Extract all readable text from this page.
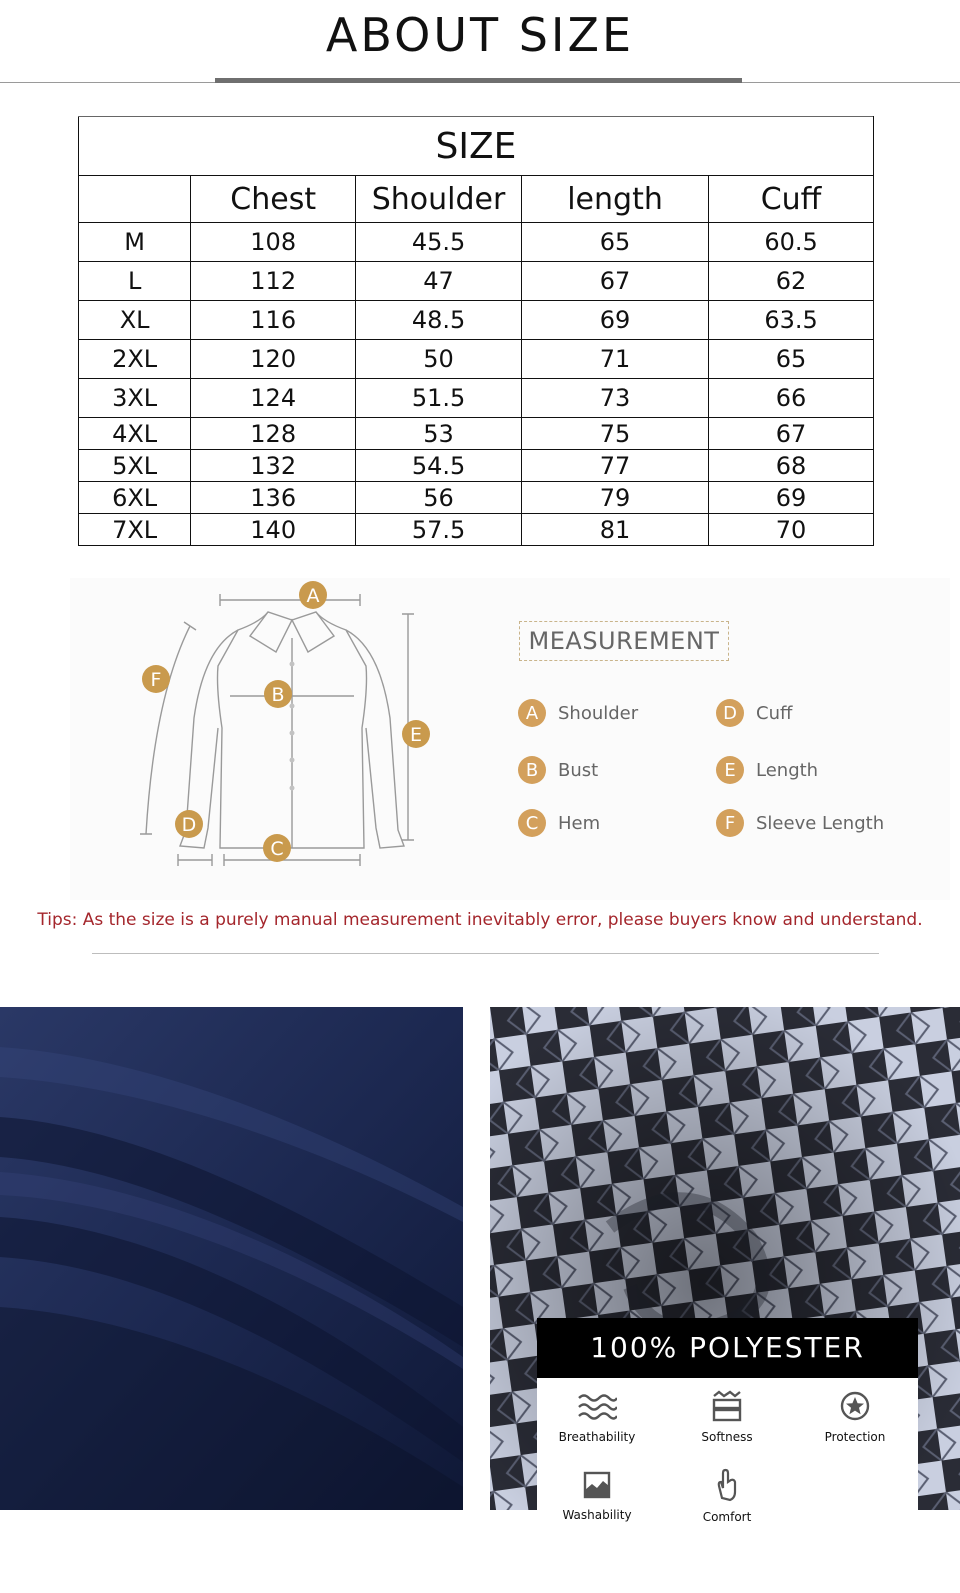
ABOUT SIZE
SIZE				
	Chest	Shoulder	length	Cuff
M	108	45.5	65	60.5
L	112	47	67	62
XL	116	48.5	69	63.5
2XL	120	50	71	65
3XL	124	51.5	73	66
4XL	128	53	75	67
5XL	132	54.5	77	68
6XL	136	56	79	69
7XL	140	57.5	81	70
A
B
C
D
E
F
MEASUREMENT
A	Shoulder	D	Cuff
B	Bust	E	Length
C	Hem	F	Sleeve Length
Tips: As the size is a purely manual measurement inevitably error, please buyers know and understand.
100% POLYESTER
Breathability	Softness	Protection
Washability	Comfort
